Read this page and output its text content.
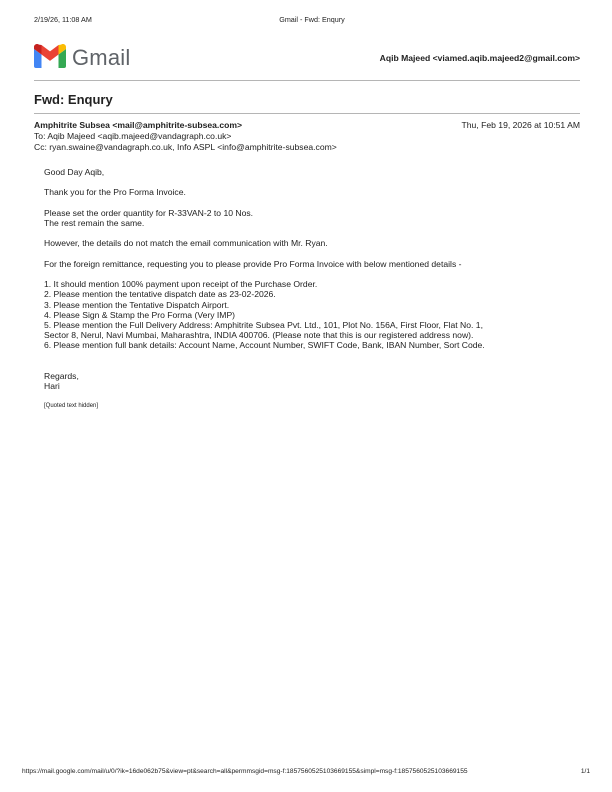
2/19/26, 11:08 AM	Gmail - Fwd: Enqury
Gmail	Aqib Majeed <viamed.aqib.majeed2@gmail.com>
Fwd: Enqury
Amphitrite Subsea <mail@amphitrite-subsea.com>	Thu, Feb 19, 2026 at 10:51 AM
To: Aqib Majeed <aqib.majeed@vandagraph.co.uk>
Cc: ryan.swaine@vandagraph.co.uk, Info ASPL <info@amphitrite-subsea.com>

Good Day Aqib,

Thank you for the Pro Forma Invoice.

Please set the order quantity for R-33VAN-2 to 10 Nos.
The rest remain the same.

However, the details do not match the email communication with Mr. Ryan.

For the foreign remittance, requesting you to please provide Pro Forma Invoice with below mentioned details -

1. It should mention 100% payment upon receipt of the Purchase Order.
2. Please mention the tentative dispatch date as 23-02-2026.
3. Please mention the Tentative Dispatch Airport.
4. Please Sign & Stamp the Pro Forma (Very IMP)
5. Please mention the Full Delivery Address: Amphitrite Subsea Pvt. Ltd., 101, Plot No. 156A, First Floor, Flat No. 1,
Sector 8, Nerul, Navi Mumbai, Maharashtra, INDIA 400706. (Please note that this is our registered address now).
6. Please mention full bank details: Account Name, Account Number, SWIFT Code, Bank, IBAN Number, Sort Code.

Regards,
Hari

[Quoted text hidden]
https://mail.google.com/mail/u/0/?ik=16de062b75&view=pt&search=all&permmsgid=msg-f:1857560525103669155&simpl=msg-f:1857560525103669155	1/1
